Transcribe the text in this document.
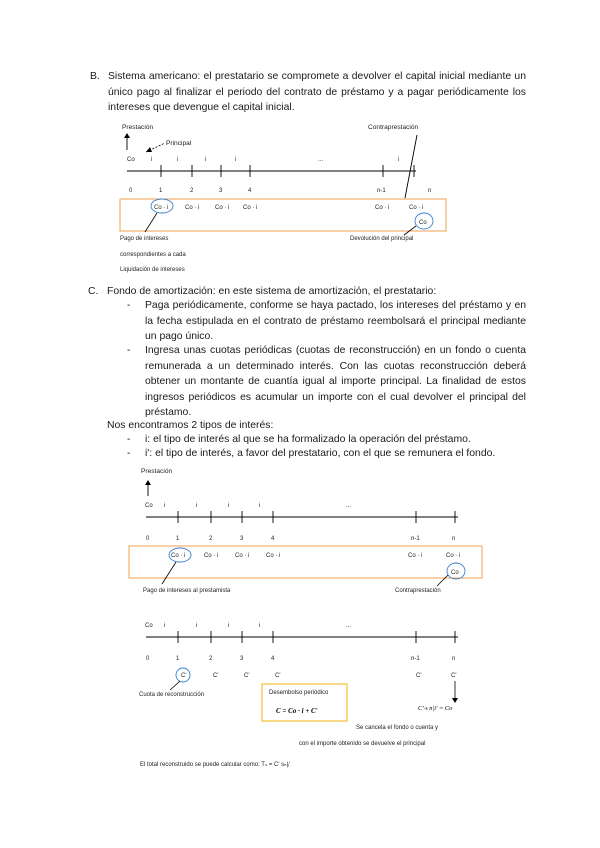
B. Sistema americano: el prestatario se compromete a devolver el capital inicial mediante un único pago al finalizar el periodo del contrato de préstamo y a pagar periódicamente los intereses que devengue el capital inicial.

Prestación
Principal
Contraprestación
Co	i	i	i	i	...	i
0	1	2	3	4	n-1	n
Co · i	Co · i	Co · i Co · i	Co · i	Co · i
Co
Pago de intereses
correspondientes a cada
Liquidación de intereses
Devolución del principal
C. Fondo de amortización: en este sistema de amortización, el prestatario:

- Paga periódicamente, conforme se haya pactado, los intereses del préstamo y en la fecha estipulada en el contrato de préstamo reembolsará el principal mediante un pago único.

- Ingresa unas cuotas periódicas (cuotas de reconstrucción) en un fondo o cuenta remunerada a un determinado interés. Con las cuotas reconstrucción deberá obtener un montante de cuantía igual al importe principal. La finalidad de estos ingresos periódicos es acumular un importe con el cual devolver el principal del préstamo.

Nos encontramos 2 tipos de interés:

- i: el tipo de interés al que se ha formalizado la operación del préstamo.

- i': el tipo de interés, a favor del prestatario, con el que se remunera el fondo.

Prestación
Co i	i	i	i	...
0	1	2	3	4	n-1	n
Co · i	Co · i	Co · i	Co · i	Co · i	Co · i
Co
Pago de intereses al prestamista	Contraprestación
Co i	i	i	i	...
0	1	2	3	4	n-1	n
C'	C'	C'	C'	C'	C'
Cuota de reconstrucción	Desembolso periódico
C = Co · i + C'	C'·s n|i' = Co
Se cancela el fondo o cuenta y
con el importe obtenido se devuelve el principal
El total reconstruido se puede calcular como: Tₛ = C' sₙ|ᵢ'
